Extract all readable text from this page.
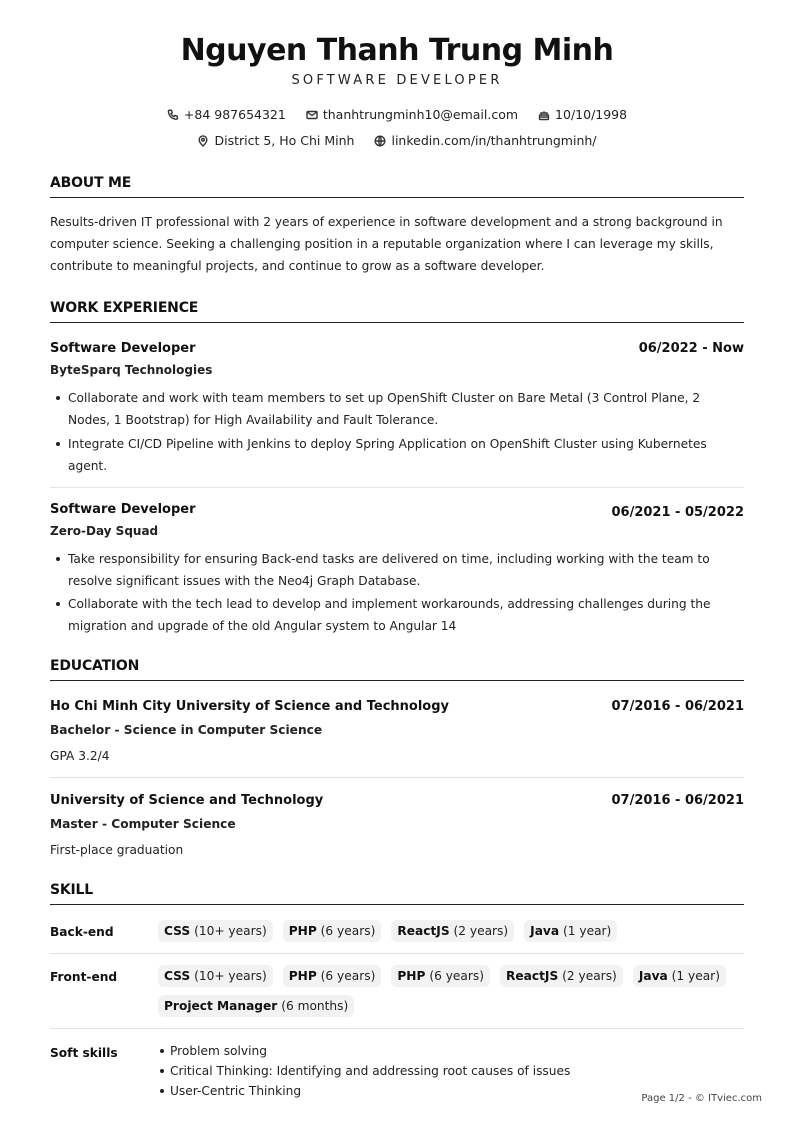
Nguyen Thanh Trung Minh
SOFTWARE DEVELOPER
+84 987654321	thanhtrungminh10@email.com	10/10/1998
District 5, Ho Chi Minh	linkedin.com/in/thanhtrungminh/
ABOUT ME

Results-driven IT professional with 2 years of experience in software development and a strong background in computer science. Seeking a challenging position in a reputable organization where I can leverage my skills, contribute to meaningful projects, and continue to grow as a software developer.

WORK EXPERIENCE
Software Developer
ByteSparq Technologies
06/2022 - Now
Collaborate and work with team members to set up OpenShift Cluster on Bare Metal (3 Control Plane, 2 Nodes, 1 Bootstrap) for High Availability and Fault Tolerance.
Integrate CI/CD Pipeline with Jenkins to deploy Spring Application on OpenShift Cluster using Kubernetes agent.
Software Developer
Zero-Day Squad
06/2021 - 05/2022
Take responsibility for ensuring Back-end tasks are delivered on time, including working with the team to resolve significant issues with the Neo4j Graph Database.
Collaborate with the tech lead to develop and implement workarounds, addressing challenges during the migration and upgrade of the old Angular system to Angular 14
EDUCATION
Ho Chi Minh City University of Science and Technology	07/2016 - 06/2021
Bachelor - Science in Computer Science
GPA 3.2/4
University of Science and Technology	07/2016 - 06/2021
Master - Computer Science
First-place graduation
SKILL
Back-end	CSS (10+ years)	PHP (6 years)	ReactJS (2 years)	Java (1 year)
Front-end	CSS (10+ years)	PHP (6 years)	PHP (6 years)	ReactJS (2 years)	Java (1 year)
Project Manager (6 months)
Soft skills	Problem solving
Critical Thinking: Identifying and addressing root causes of issues
User-Centric Thinking
Page 1/2 - © ITviec.com
